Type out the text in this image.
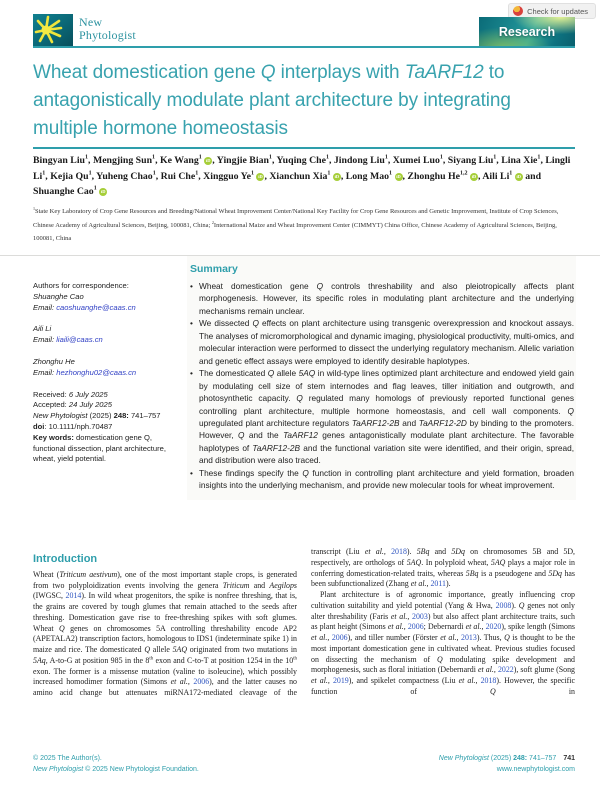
Check for updates
New
Phytologist	Research
Wheat domestication gene Q interplays with TaARF12 to antagonistically modulate plant architecture by integrating multiple hormone homeostasis

Bingyan Liu$^1$, Mengjing Sun$^1$, Ke Wang$^1$ iD , Yingjie Bian$^1$, Yuqing Che$^1$, Jindong Liu$^1$, Xumei Luo$^1$, Siyang Liu$^1$, Lina Xie$^1$, Lingli Li$^1$, Kejia Qu$^1$, Yuheng Chao$^1$, Rui Che$^1$, Xingguo Ye$^1$ iD , Xianchun Xia$^1$ iD , Long Mao$^1$ iD , Zhonghu He$^{1,2}$ iD , Aili Li$^1$ iD and Shuanghe Cao$^1$ iD

$^1$State Key Laboratory of Crop Gene Resources and Breeding/National Wheat Improvement Center/National Key Facility for Crop Gene Resources and Genetic Improvement, Institute of Crop Sciences, Chinese Academy of Agricultural Sciences, Beijing, 100081, China; $^2$International Maize and Wheat Improvement Center (CIMMYT) China Office, Chinese Academy of Agricultural Sciences, Beijing, 100081, China

Authors for correspondence:

Shuanghe Cao

Email: caoshuanghe@caas.cn

Aili Li

Email: liaili@caas.cn

Zhonghu He

Email: hezhonghu02@caas.cn

Received: 6 July 2025

Accepted: 24 July 2025

New Phytologist (2025) 248: 741–757

doi: 10.1111/nph.70487

Key words: domestication gene Q, functional dissection, plant architecture, wheat, yield potential.

Summary
• Wheat domestication gene Q controls threshability and also pleiotropically affects plant morphogenesis. However, its specific roles in modulating plant architecture and the underlying mechanisms remain unclear.
• We dissected Q effects on plant architecture using transgenic overexpression and knockout assays. The analyses of micromorphological and dynamic imaging, physiological productivity, multi-omics, and molecular interaction were performed to dissect the underlying regulatory mechanism. Allelic variation and genetic effect assays were employed to identify desirable haplotypes.
• The domesticated Q allele 5AQ in wild-type lines optimized plant architecture and endowed yield gain by modulating cell size of stem internodes and flag leaves, tiller initiation and outgrowth, and photosynthetic capacity. Q regulated many homologs of previously reported functional genes controlling plant architecture, multiple hormone homeostasis, and cell wall components. Q upregulated plant architecture regulators TaARF12-2B and TaARF12-2D by binding to the promoters. However, Q and the TaARF12 genes antagonistically modulate plant architecture. The favorable haplotypes of TaARF12-2B and the functional variation site were identified, and their origin, spread, and distribution were also traced.
• These findings specify the Q function in controlling plant architecture and yield formation, broaden insights into the underlying mechanism, and provide new molecular tools for wheat improvement.
Introduction

Wheat (Triticum aestivum), one of the most important staple crops, is generated from two polyploidization events involving the genera Triticum and Aegilops (IWGSC, 2014). In wild wheat progenitors, the spike is nonfree threshing, that is, the grains are covered by tough glumes that remain attached to the seeds after threshing. Domestication gave rise to free-threshing spikes with soft glumes. Wheat Q genes on chromosomes 5A controlling threshability encode AP2 (APETALA2) transcription factors, homologous to IDS1 (indeterminate spike 1) in maize and rice. The domesticated Q allele 5AQ originated from two mutations in 5Aq, A-to-G at position 985 in the 8th exon and C-to-T at position 1254 in the 10th exon. The former is a missense mutation (valine to isoleucine), which possibly increased homodimer formation (Simons et al., 2006), and the latter causes no amino acid change but attenuates miRNA172-mediated cleavage of the

transcript (Liu et al., 2018). 5Bq and 5Dq on chromosomes 5B and 5D, respectively, are orthologs of 5AQ. In polyploid wheat, 5AQ plays a major role in conferring domestication-related traits, whereas 5Bq is a pseudogene and 5Dq has been subfunctionalized (Zhang et al., 2011).

Plant architecture is of agronomic importance, greatly influencing crop cultivation suitability and yield potential (Yang & Hwa, 2008). Q genes not only alter threshability (Faris et al., 2003) but also affect plant architecture traits, such as plant height (Simons et al., 2006; Debernardi et al., 2020), spike length (Simons et al., 2006), and tiller number (Förster et al., 2013). Thus, Q is thought to be the most important domestication gene in cultivated wheat. Previous studies focused on dissecting the mechanism of Q modulating spike development and morphogenesis, such as floral initiation (Debernardi et al., 2022), soft glume (Song et al., 2019), and spikelet compactness (Liu et al., 2018). However, the specific function of Q in

© 2025 The Author(s).

New Phytologist © 2025 New Phytologist Foundation.

New Phytologist (2025) 248: 741–757 741

www.newphytologist.com
